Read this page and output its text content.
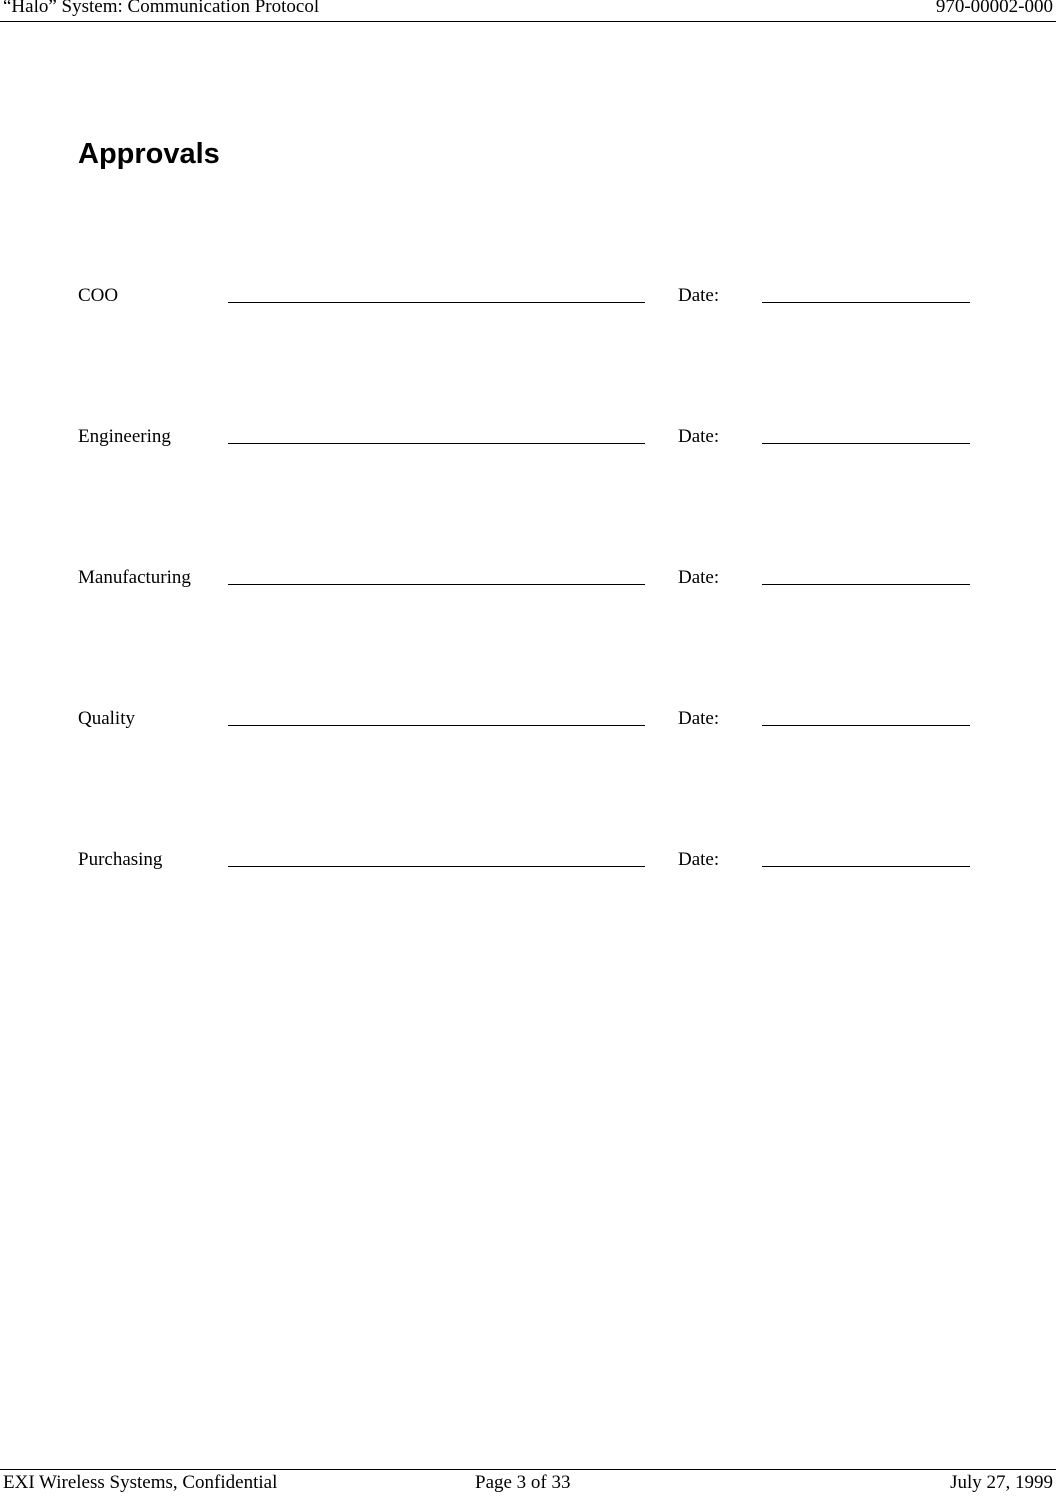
“Halo” System: Communication Protocol	970-00002-000
Approvals
COO	Date:
Engineering	Date:
Manufacturing	Date:
Quality	Date:
Purchasing	Date:
EXI Wireless Systems, Confidential	Page 3 of 33	July 27, 1999
